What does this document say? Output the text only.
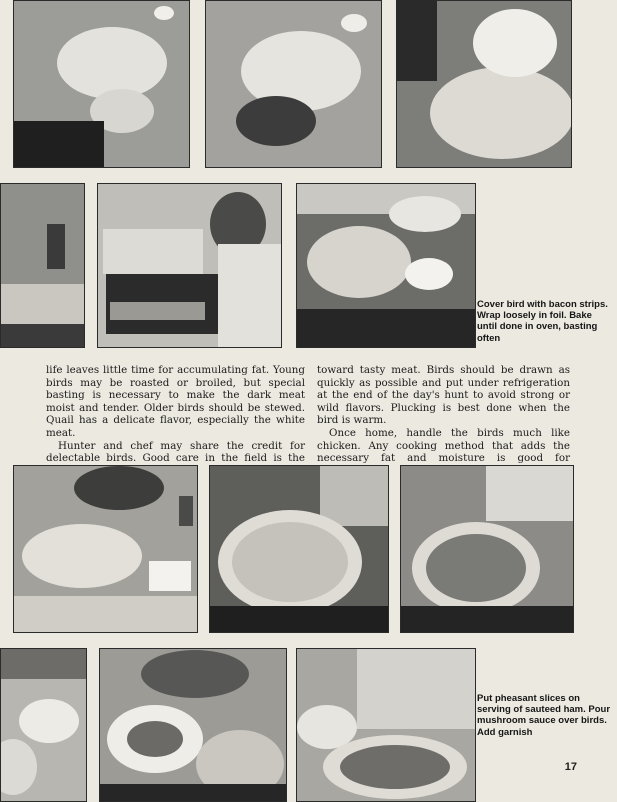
Cover bird with bacon strips. Wrap loosely in foil. Bake until done in oven, basting often

life leaves little time for accumulating fat. Young birds may be roasted or broiled, but special basting is necessary to make the dark meat moist and tender. Older birds should be stewed. Quail has a delicate flavor, especially the white meat.

Hunter and chef may share the credit for delectable birds. Good care in the field is the

toward tasty meat. Birds should be drawn as quickly as possible and put under refrigeration at the end of the day's hunt to avoid strong or wild flavors. Plucking is best done when the bird is warm.

Once home, handle the birds much like chicken. Any cooking method that adds the necessary fat and moisture is good for

Put pheasant slices on serving of sauteed ham. Pour mushroom sauce over birds. Add garnish
17
